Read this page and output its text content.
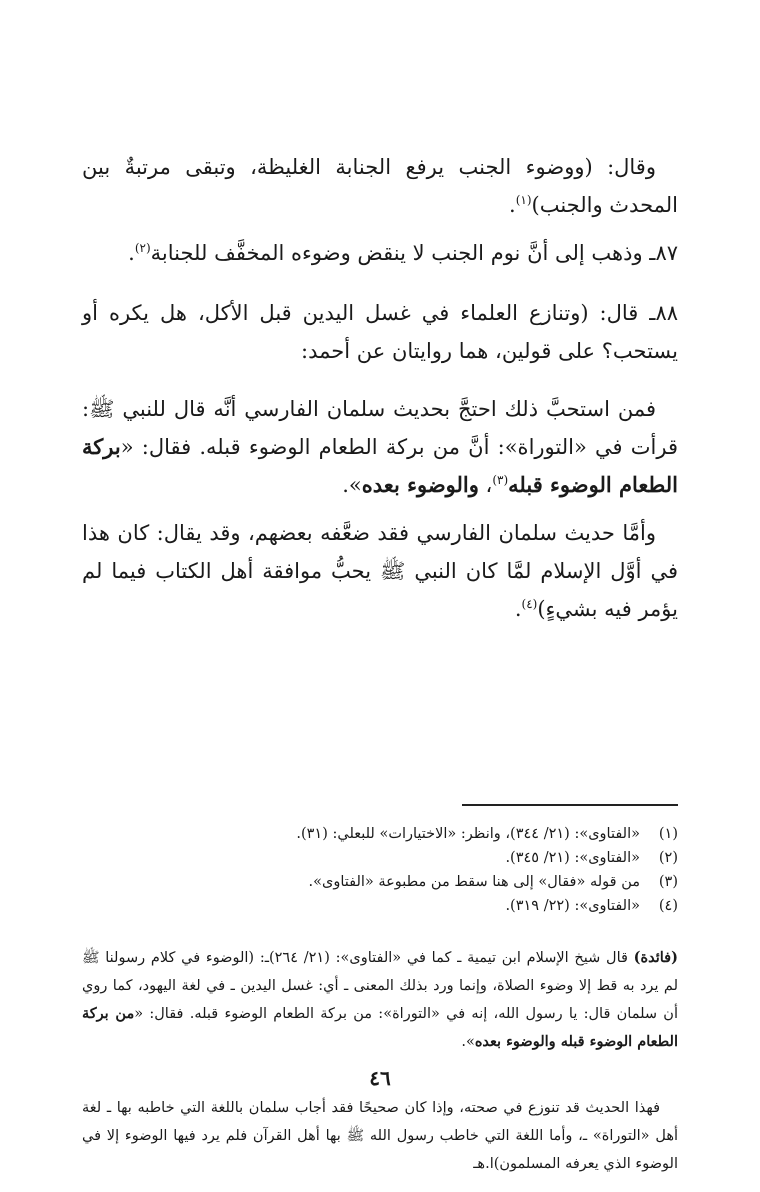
وقال: (ووضوء الجنب يرفع الجنابة الغليظة، وتبقى مرتبةٌ بين المحدث والجنب)$^{(١)}$.

٨٧ـ وذهب إلى أنَّ نوم الجنب لا ينقض وضوءه المخفَّف للجنابة$^{(٢)}$.

٨٨ـ قال: (وتنازع العلماء في غسل اليدين قبل الأكل، هل يكره أو يستحب؟ على قولين، هما روايتان عن أحمد:

فمن استحبَّ ذلك احتجَّ بحديث سلمان الفارسي أنَّه قال للنبي ﷺ: قرأت في «التوراة»: أنَّ من بركة الطعام الوضوء قبله. فقال: «بركة الطعام الوضوء قبله$^{(٣)}$، والوضوء بعده».

وأمَّا حديث سلمان الفارسي فقد ضعَّفه بعضهم، وقد يقال: كان هذا في أوَّل الإسلام لمَّا كان النبي ﷺ يحبُّ موافقة أهل الكتاب فيما لم يؤمر فيه بشيءٍ)$^{(٤)}$.

(١)
«الفتاوى»: (٢١/ ٣٤٤)، وانظر: «الاختيارات» للبعلي: (٣١).

(٢)
«الفتاوى»: (٢١/ ٣٤٥).

(٣)
من قوله «فقال» إلى هنا سقط من مطبوعة «الفتاوى».

(٤)
«الفتاوى»: (٢٢/ ٣١٩).

(فائدة) قال شيخ الإسلام ابن تيمية ـ كما في «الفتاوى»: (٢١/ ٢٦٤)ـ: (الوضوء في كلام رسولنا ﷺ لم يرد به قط إلا وضوء الصلاة، وإنما ورد بذلك المعنى ـ أي: غسل اليدين ـ في لغة اليهود، كما روي أن سلمان قال: يا رسول الله، إنه في «التوراة»: من بركة الطعام الوضوء قبله. فقال: «من بركة الطعام الوضوء قبله والوضوء بعده».

فهذا الحديث قد تنوزع في صحته، وإذا كان صحيحًا فقد أجاب سلمان باللغة التي خاطبه بها ـ لغة أهل «التوراة» ـ، وأما اللغة التي خاطب رسول الله ﷺ بها أهل القرآن فلم يرد فيها الوضوء إلا في الوضوء الذي يعرفه المسلمون)ا.هـ

٤٦
